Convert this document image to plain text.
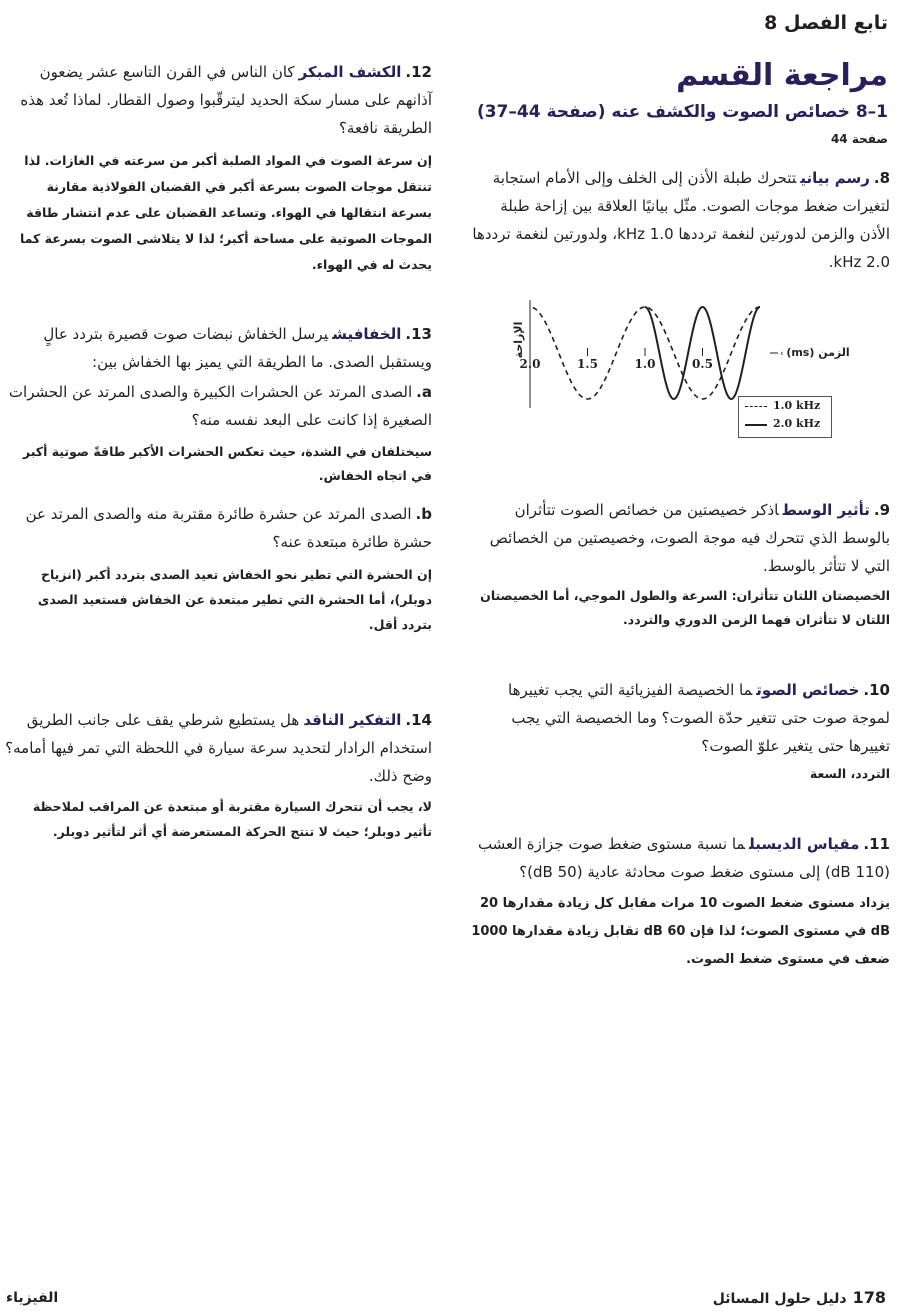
تابع الفصل 8
مراجعة القسم
1–8 خصائص الصوت والكشف عنه (صفحة 44–37)
صفحة 44
8.رسم بيانيتتحرك طبلة الأذن إلى الخلف وإلى الأمام استجابة لتغيرات ضغط موجات الصوت. مثّل بيانيًا العلاقة بين إزاحة طبلة الأذن والزمن لدورتين لنغمة ترددها 1.0 kHz، ولدورتين لنغمة ترددها 2.0 kHz.
الإزاحة	‹
0.5
1.0
1.5
2.0
الزمن (ms)
1.0 kHz
2.0 kHz
9.تأثير الوسطاذكر خصيصتين من خصائص الصوت تتأثران بالوسط الذي تتحرك فيه موجة الصوت، وخصيصتين من الخصائص التي لا تتأثر بالوسط.
الخصيصتان اللتان تتأثران: السرعة والطول الموجي، أما الخصيصتان اللتان لا تتأثران فهما الزمن الدوري والتردد.
10.خصائص الصوتما الخصيصة الفيزيائية التي يجب تغييرها لموجة صوت حتى تتغير حدّة الصوت؟ وما الخصيصة التي يجب تغييرها حتى يتغير علوّ الصوت؟
التردد، السعة
11.مقياس الديسبلما نسبة مستوى ضغط صوت جزازة العشب (110 dB) إلى مستوى ضغط صوت محادثة عادية (50 dB)؟
يزداد مستوى ضغط الصوت 10 مرات مقابل كل زيادة مقدارها 20 dB في مستوى الصوت؛ لذا فإن 60 dB تقابل زيادة مقدارها 1000 ضعف في مستوى ضغط الصوت.
12.الكشف المبكركان الناس في القرن التاسع عشر يضعون آذانهم على مسار سكة الحديد ليترقّبوا وصول القطار. لماذا تُعد هذه الطريقة نافعة؟
إن سرعة الصوت في المواد الصلبة أكبر من سرعته في الغازات. لذا تنتقل موجات الصوت بسرعة أكبر في القضبان الفولاذية مقارنة بسرعة انتقالها في الهواء. وتساعد القضبان على عدم انتشار طاقة الموجات الصوتية على مساحة أكبر؛ لذا لا يتلاشى الصوت بسرعة كما يحدث له في الهواء.
13.الخفافيشيرسل الخفاش نبضات صوت قصيرة بتردد عالٍ ويستقبل الصدى. ما الطريقة التي يميز بها الخفاش بين:
a.الصدى المرتد عن الحشرات الكبيرة والصدى المرتد عن الحشرات الصغيرة إذا كانت على البعد نفسه منه؟
سيختلفان في الشدة، حيث تعكس الحشرات الأكبر طاقةً صوتية أكبر في اتجاه الخفاش.
b.الصدى المرتد عن حشرة طائرة مقتربة منه والصدى المرتد عن حشرة طائرة مبتعدة عنه؟
إن الحشرة التي تطير نحو الخفاش تعيد الصدى بتردد أكبر (انزياح دوبلر)، أما الحشرة التي تطير مبتعدة عن الخفاش فستعيد الصدى بتردد أقل.
14.التفكير الناقدهل يستطيع شرطي يقف على جانب الطريق استخدام الرادار لتحديد سرعة سيارة في اللحظة التي تمر فيها أمامه؟ وضح ذلك.
لا، يجب أن تتحرك السيارة مقتربة أو مبتعدة عن المراقب لملاحظة تأثير دوبلر؛ حيث لا تنتج الحركة المستعرضة أي أثر لتأثير دوبلر.
الفيزياء	178دليل حلول المسائل
